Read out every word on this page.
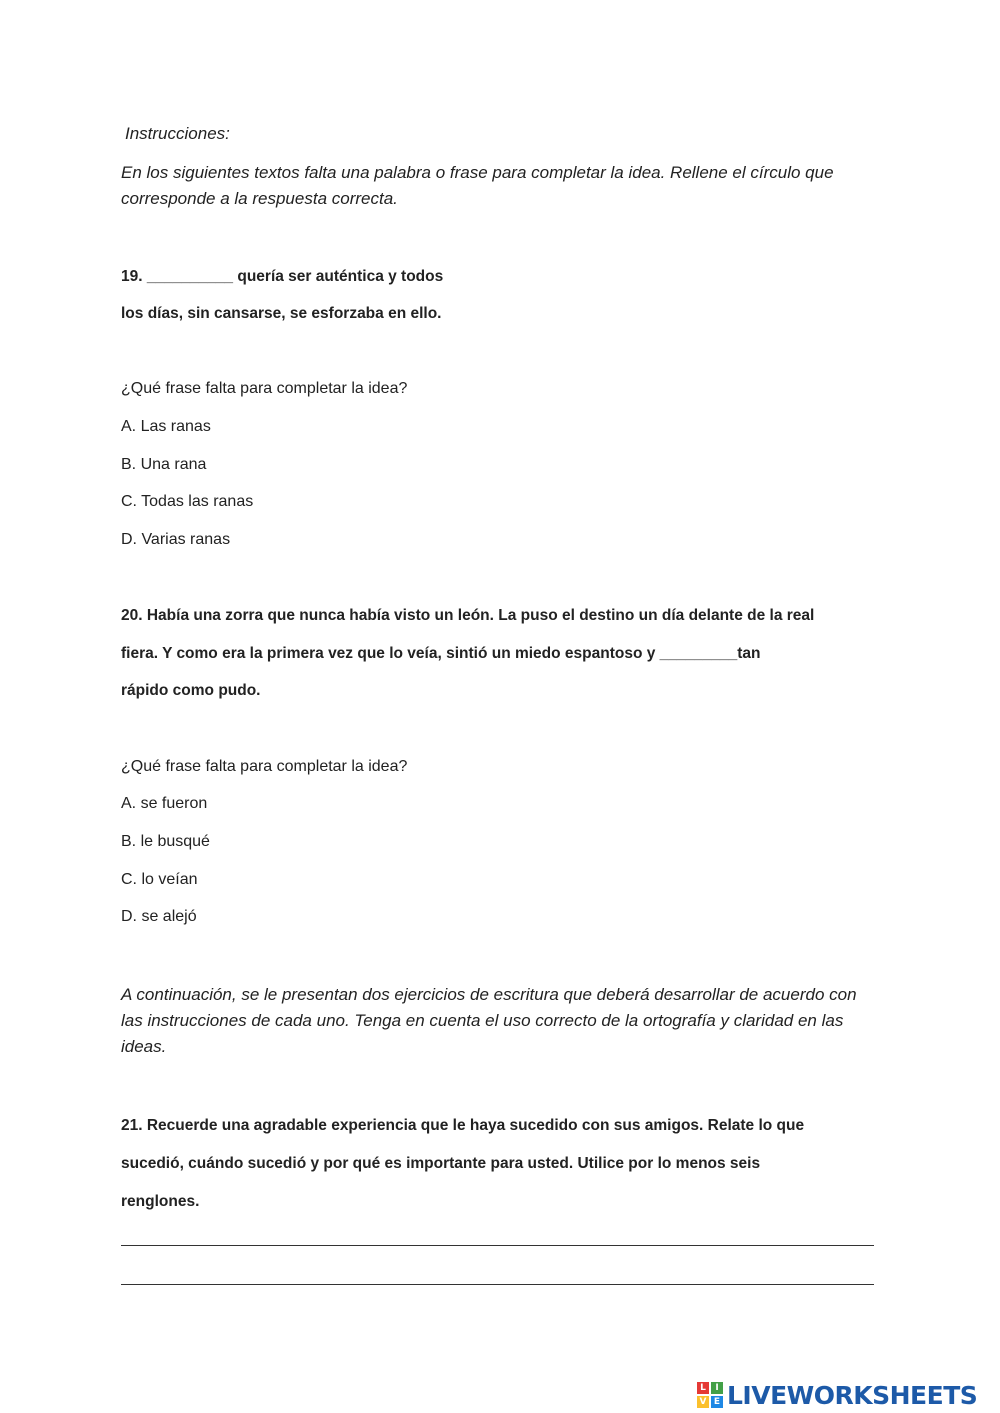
Instrucciones:
En los siguientes textos falta una palabra o frase para completar la idea. Rellene el círculo que corresponde a la respuesta correcta.
19. __________ quería ser auténtica y todos
los días, sin cansarse, se esforzaba en ello.
¿Qué frase falta para completar la idea?
A. Las ranas
B. Una rana
C. Todas las ranas
D. Varias ranas
20. Había una zorra que nunca había visto un león. La puso el destino un día delante de la real
fiera. Y como era la primera vez que lo veía, sintió un miedo espantoso y _________tan
rápido como pudo.
¿Qué frase falta para completar la idea?
A. se fueron
B. le busqué
C. lo veían
D. se alejó
A continuación, se le presentan dos ejercicios de escritura que deberá desarrollar de acuerdo con las instrucciones de cada uno. Tenga en cuenta el uso correcto de la ortografía y claridad en las ideas.
21. Recuerde una agradable experiencia que le haya sucedido con sus amigos. Relate lo que
sucedió, cuándo sucedió y por qué es importante para usted. Utilice por lo menos seis
renglones.
L	I
V E LIVEWORKSHEETS
